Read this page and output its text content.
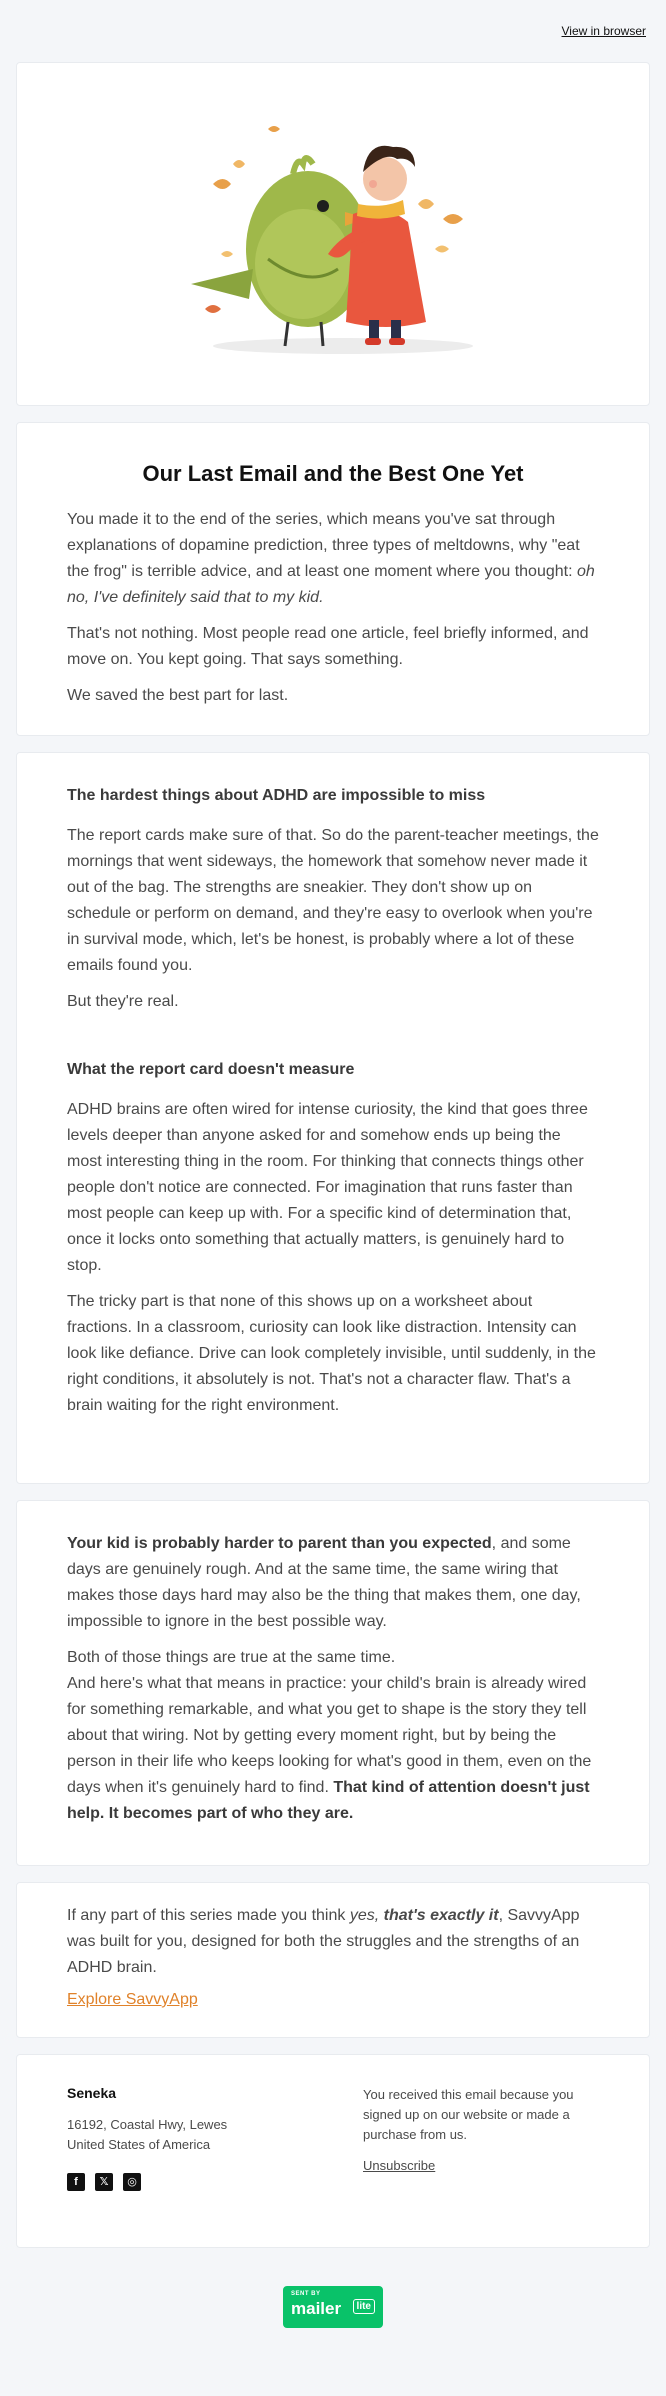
View in browser
Our Last Email and the Best One Yet

You made it to the end of the series, which means you've sat through explanations of dopamine prediction, three types of meltdowns, why "eat the frog" is terrible advice, and at least one moment where you thought: oh no, I've definitely said that to my kid.

That's not nothing. Most people read one article, feel briefly informed, and move on. You kept going. That says something.

We saved the best part for last.

The hardest things about ADHD are impossible to miss

The report cards make sure of that. So do the parent-teacher meetings, the mornings that went sideways, the homework that somehow never made it out of the bag. The strengths are sneakier. They don't show up on schedule or perform on demand, and they're easy to overlook when you're in survival mode, which, let's be honest, is probably where a lot of these emails found you.

But they're real.

What the report card doesn't measure

ADHD brains are often wired for intense curiosity, the kind that goes three levels deeper than anyone asked for and somehow ends up being the most interesting thing in the room. For thinking that connects things other people don't notice are connected. For imagination that runs faster than most people can keep up with. For a specific kind of determination that, once it locks onto something that actually matters, is genuinely hard to stop.

The tricky part is that none of this shows up on a worksheet about fractions. In a classroom, curiosity can look like distraction. Intensity can look like defiance. Drive can look completely invisible, until suddenly, in the right conditions, it absolutely is not. That's not a character flaw. That's a brain waiting for the right environment.

Your kid is probably harder to parent than you expected, and some days are genuinely rough. And at the same time, the same wiring that makes those days hard may also be the thing that makes them, one day, impossible to ignore in the best possible way.

Both of those things are true at the same time.

And here's what that means in practice: your child's brain is already wired for something remarkable, and what you get to shape is the story they tell about that wiring. Not by getting every moment right, but by being the person in their life who keeps looking for what's good in them, even on the days when it's genuinely hard to find. That kind of attention doesn't just help. It becomes part of who they are.

If any part of this series made you think yes, that's exactly it, SavvyApp was built for you, designed for both the struggles and the strengths of an ADHD brain.

Explore SavvyApp
Seneka
16192, Coastal Hwy, Lewes
United States of America
f	𝕏	◎

You received this email because you signed up on our website or made a purchase from us.

Unsubscribe
SENT BY
mailer	lite
